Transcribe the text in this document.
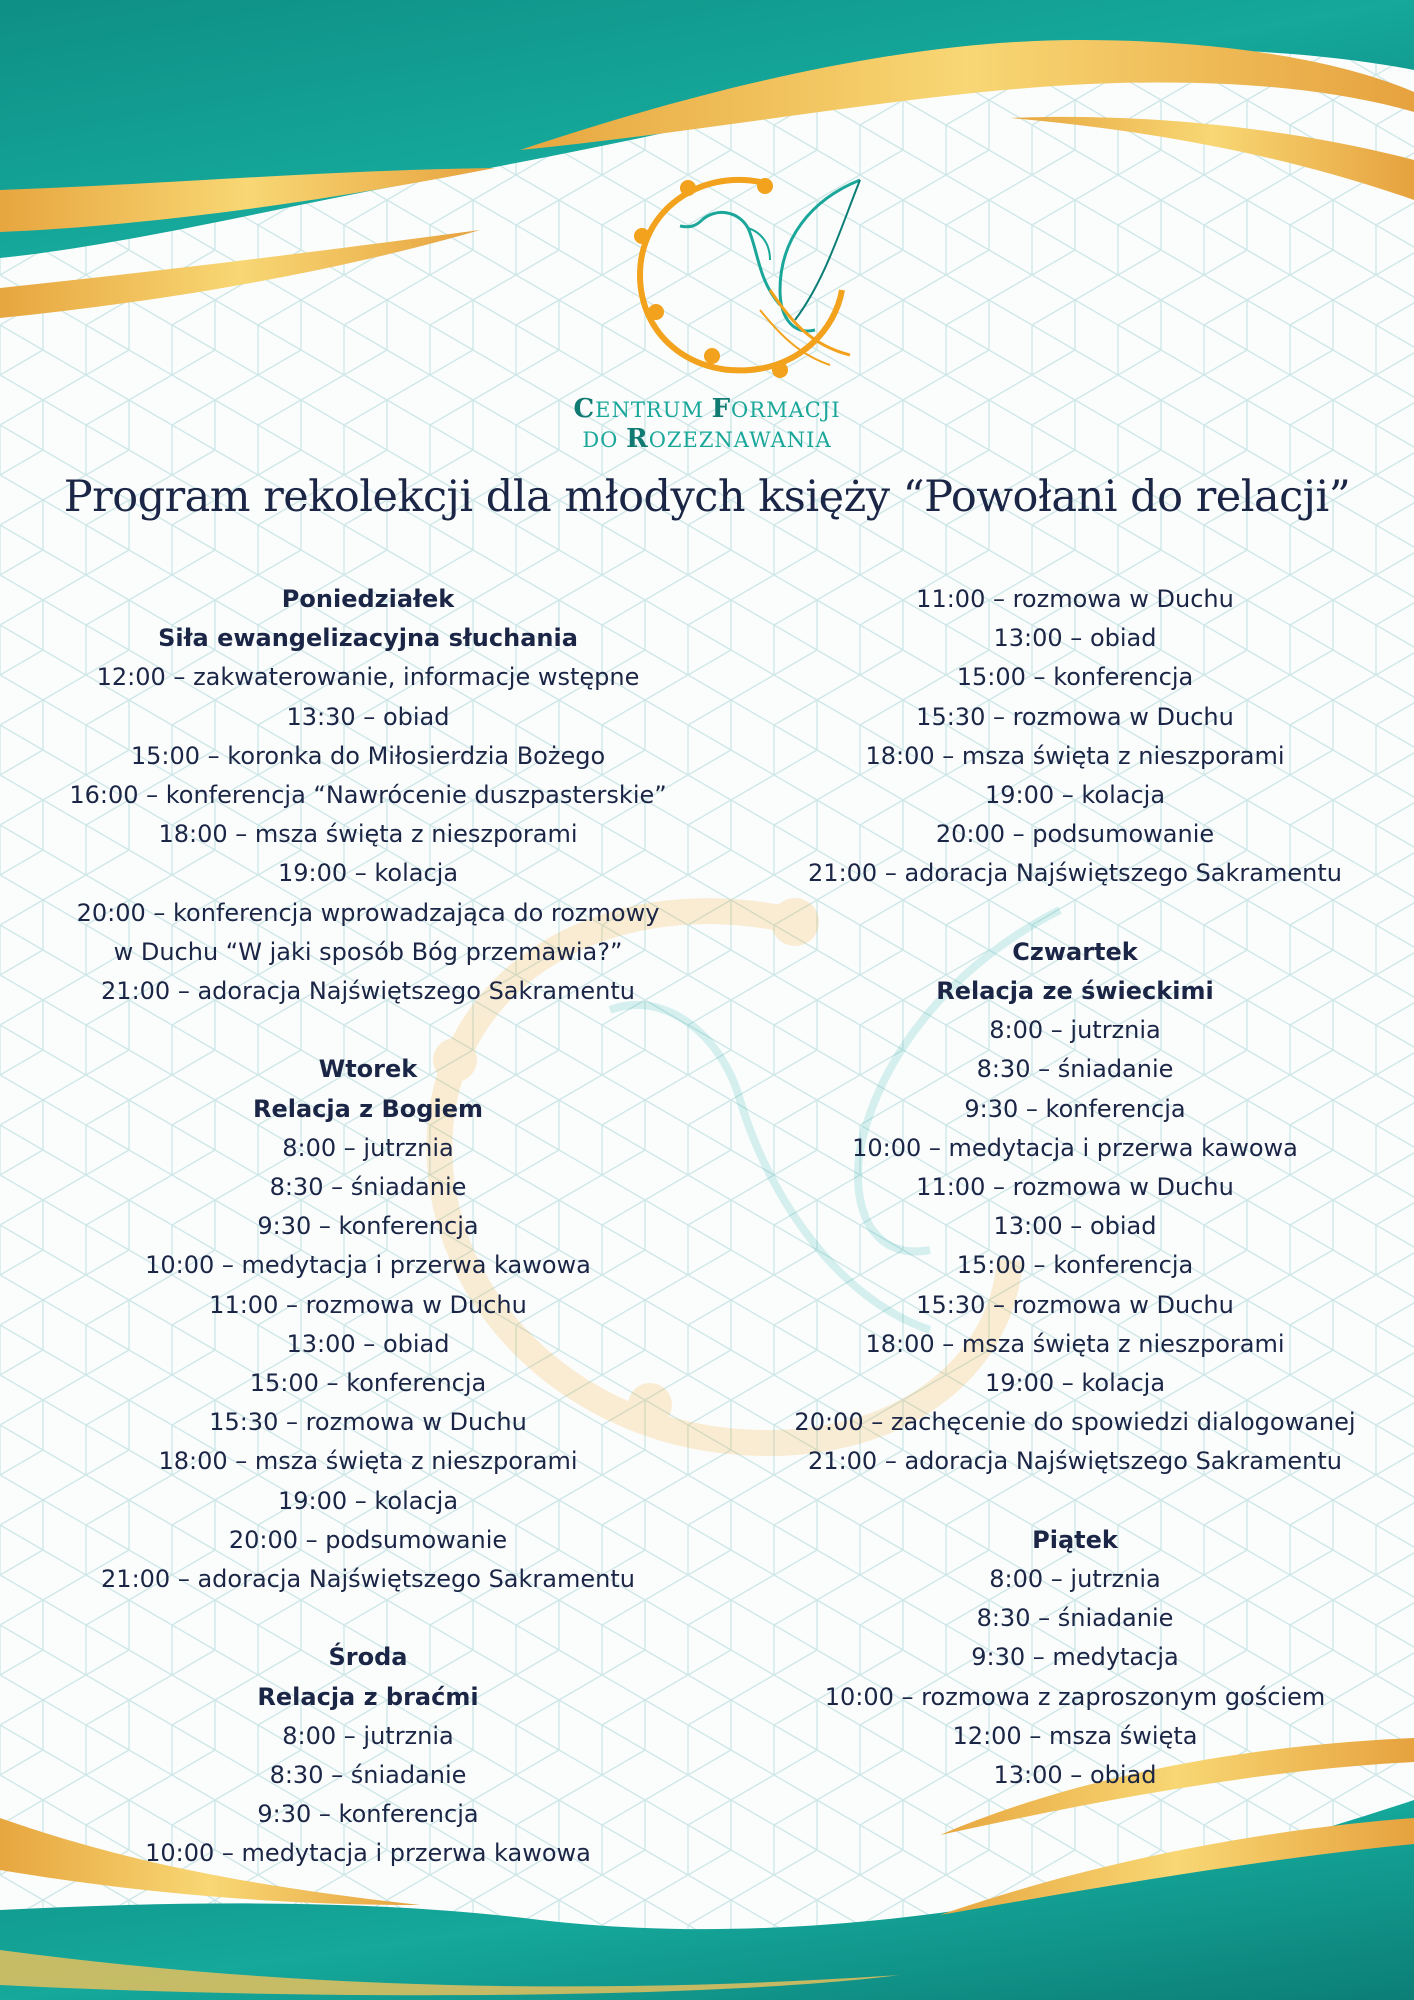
CENTRUM FORMACJI
DO ROZEZNAWANIA
Program rekolekcji dla młodych księży “Powołani do relacji”
Poniedziałek
Siła ewangelizacyjna słuchania
12:00 – zakwaterowanie, informacje wstępne
13:30 – obiad
15:00 – koronka do Miłosierdzia Bożego
16:00 – konferencja “Nawrócenie duszpasterskie”
18:00 – msza święta z nieszporami
19:00 – kolacja
20:00 – konferencja wprowadzająca do rozmowy
w Duchu “W jaki sposób Bóg przemawia?”
21:00 – adoracja Najświętszego Sakramentu
Wtorek
Relacja z Bogiem
8:00 – jutrznia
8:30 – śniadanie
9:30 – konferencja
10:00 – medytacja i przerwa kawowa
11:00 – rozmowa w Duchu
13:00 – obiad
15:00 – konferencja
15:30 – rozmowa w Duchu
18:00 – msza święta z nieszporami
19:00 – kolacja
20:00 – podsumowanie
21:00 – adoracja Najświętszego Sakramentu
Środa
Relacja z braćmi
8:00 – jutrznia
8:30 – śniadanie
9:30 – konferencja
10:00 – medytacja i przerwa kawowa
11:00 – rozmowa w Duchu
13:00 – obiad
15:00 – konferencja
15:30 – rozmowa w Duchu
18:00 – msza święta z nieszporami
19:00 – kolacja
20:00 – podsumowanie
21:00 – adoracja Najświętszego Sakramentu
Czwartek
Relacja ze świeckimi
8:00 – jutrznia
8:30 – śniadanie
9:30 – konferencja
10:00 – medytacja i przerwa kawowa
11:00 – rozmowa w Duchu
13:00 – obiad
15:00 – konferencja
15:30 – rozmowa w Duchu
18:00 – msza święta z nieszporami
19:00 – kolacja
20:00 – zachęcenie do spowiedzi dialogowanej
21:00 – adoracja Najświętszego Sakramentu
Piątek
8:00 – jutrznia
8:30 – śniadanie
9:30 – medytacja
10:00 – rozmowa z zaproszonym gościem
12:00 – msza święta
13:00 – obiad
